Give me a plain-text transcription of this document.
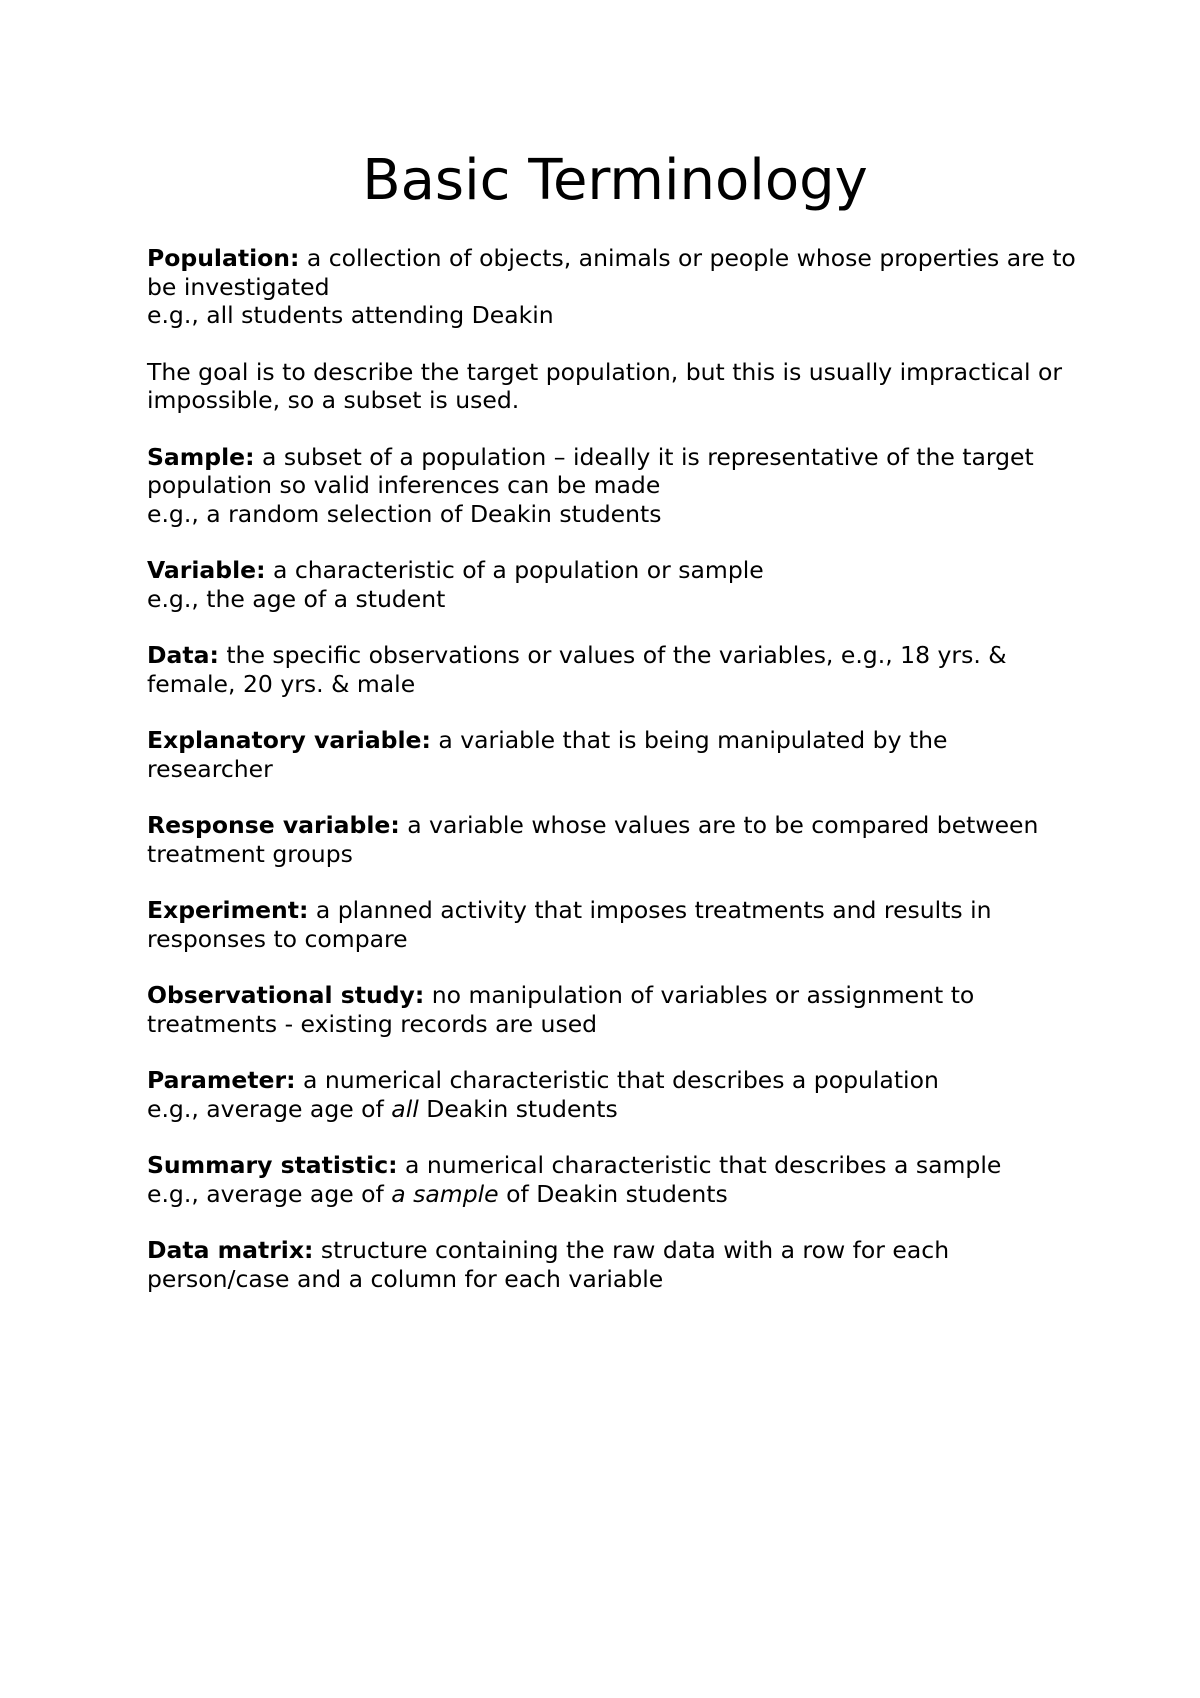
Basic Terminology

Population: a collection of objects, animals or people whose properties are to be investigated

e.g., all students attending Deakin

The goal is to describe the target population, but this is usually impractical or impossible, so a subset is used.

Sample: a subset of a population – ideally it is representative of the target population so valid inferences can be made

e.g., a random selection of Deakin students

Variable: a characteristic of a population or sample

e.g., the age of a student

Data: the specific observations or values of the variables, e.g., 18 yrs. & female, 20 yrs. & male

Explanatory variable: a variable that is being manipulated by the researcher

Response variable: a variable whose values are to be compared between treatment groups

Experiment: a planned activity that imposes treatments and results in responses to compare

Observational study: no manipulation of variables or assignment to treatments - existing records are used

Parameter: a numerical characteristic that describes a population

e.g., average age of all Deakin students

Summary statistic: a numerical characteristic that describes a sample

e.g., average age of a sample of Deakin students

Data matrix: structure containing the raw data with a row for each person/case and a column for each variable
